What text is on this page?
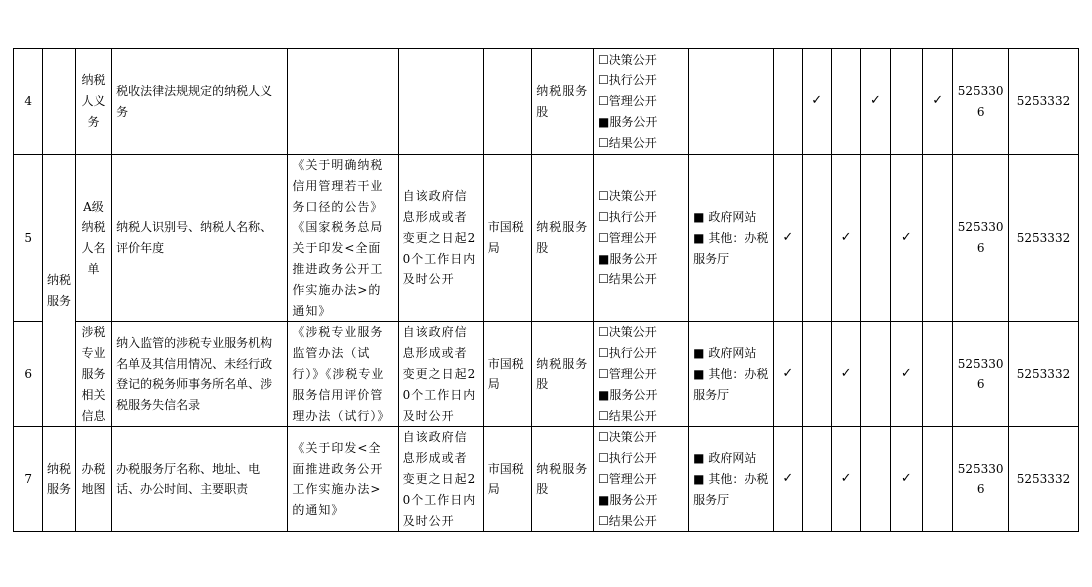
4		纳税人义务	税收法律法规规定的纳税人义务				纳税服务股	☐决策公开
☐执行公开
☐管理公开
■服务公开
☐结果公开			✓		✓		✓	5253306	5253332
5	纳税服务	A级纳税人名单	纳税人识别号、纳税人名称、评价年度	《关于明确纳税信用管理若干业务口径的公告》《国家税务总局关于印发<全面推进政务公开工作实施办法>的通知》	自该政府信息形成或者变更之日起20个工作日内及时公开	市国税局	纳税服务股	☐决策公开
☐执行公开
☐管理公开
■服务公开
☐结果公开	■ 政府网站
■ 其他：办税服务厅	✓		✓		✓		5253306	5253332
6		涉税专业服务相关信息	纳入监管的涉税专业服务机构名单及其信用情况、未经行政登记的税务师事务所名单、涉税服务失信名录	《涉税专业服务监管办法（试行）》《涉税专业服务信用评价管理办法（试行）》	自该政府信息形成或者变更之日起20个工作日内及时公开	市国税局	纳税服务股	☐决策公开
☐执行公开
☐管理公开
■服务公开
☐结果公开	■ 政府网站
■ 其他：办税服务厅	✓		✓		✓		5253306	5253332
7	纳税服务	办税地图	办税服务厅名称、地址、电话、办公时间、主要职责	《关于印发<全面推进政务公开工作实施办法>的通知》	自该政府信息形成或者变更之日起20个工作日内及时公开	市国税局	纳税服务股	☐决策公开
☐执行公开
☐管理公开
■服务公开
☐结果公开	■ 政府网站
■ 其他：办税服务厅	✓		✓		✓		5253306	5253332
